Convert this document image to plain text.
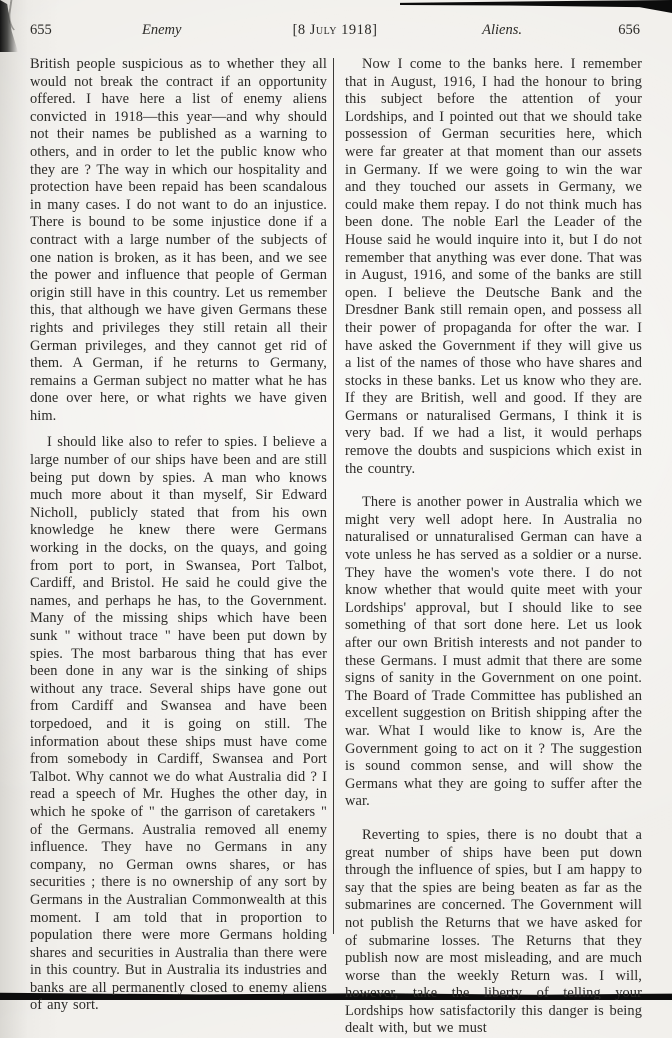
655	Enemy	[8 July 1918]	Aliens.	656

British people suspicious as to whether they all would not break the contract if an opportunity offered. I have here a list of enemy aliens convicted in 1918—this year—and why should not their names be published as a warning to others, and in order to let the public know who they are ? The way in which our hospitality and protection have been repaid has been scandalous in many cases. I do not want to do an injustice. There is bound to be some injustice done if a contract with a large number of the subjects of one nation is broken, as it has been, and we see the power and influence that people of German origin still have in this country. Let us remember this, that although we have given Germans these rights and privileges they still retain all their German privileges, and they cannot get rid of them. A German, if he returns to Germany, remains a German subject no matter what he has done over here, or what rights we have given him.

I should like also to refer to spies. I believe a large number of our ships have been and are still being put down by spies. A man who knows much more about it than myself, Sir Edward Nicholl, publicly stated that from his own knowledge he knew there were Germans working in the docks, on the quays, and going from port to port, in Swansea, Port Talbot, Cardiff, and Bristol. He said he could give the names, and perhaps he has, to the Government. Many of the missing ships which have been sunk " without trace " have been put down by spies. The most barbarous thing that has ever been done in any war is the sinking of ships without any trace. Several ships have gone out from Cardiff and Swansea and have been torpedoed, and it is going on still. The information about these ships must have come from somebody in Cardiff, Swansea and Port Talbot. Why cannot we do what Australia did ? I read a speech of Mr. Hughes the other day, in which he spoke of " the garrison of caretakers " of the Germans. Australia removed all enemy influence. They have no Germans in any company, no German owns shares, or has securities ; there is no ownership of any sort by Germans in the Australian Commonwealth at this moment. I am told that in proportion to population there were more Germans holding shares and securities in Australia than there were in this country. But in Australia its industries and banks are all permanently closed to enemy aliens of any sort.

Now I come to the banks here. I remember that in August, 1916, I had the honour to bring this subject before the attention of your Lordships, and I pointed out that we should take possession of German securities here, which were far greater at that moment than our assets in Germany. If we were going to win the war and they touched our assets in Germany, we could make them repay. I do not think much has been done. The noble Earl the Leader of the House said he would inquire into it, but I do not remember that anything was ever done. That was in August, 1916, and some of the banks are still open. I believe the Deutsche Bank and the Dresdner Bank still remain open, and possess all their power of propaganda for ofter the war. I have asked the Government if they will give us a list of the names of those who have shares and stocks in these banks. Let us know who they are. If they are British, well and good. If they are Germans or naturalised Germans, I think it is very bad. If we had a list, it would perhaps remove the doubts and suspicions which exist in the country.

There is another power in Australia which we might very well adopt here. In Australia no naturalised or unnaturalised German can have a vote unless he has served as a soldier or a nurse. They have the women's vote there. I do not know whether that would quite meet with your Lordships' approval, but I should like to see something of that sort done here. Let us look after our own British interests and not pander to these Germans. I must admit that there are some signs of sanity in the Government on one point. The Board of Trade Committee has published an excellent suggestion on British shipping after the war. What I would like to know is, Are the Government going to act on it ? The suggestion is sound common sense, and will show the Germans what they are going to suffer after the war.

Reverting to spies, there is no doubt that a great number of ships have been put down through the influence of spies, but I am happy to say that the spies are being beaten as far as the submarines are concerned. The Government will not publish the Returns that we have asked for of submarine losses. The Returns that they publish now are most misleading, and are much worse than the weekly Return was. I will, however, take the liberty of telling your Lordships how satisfactorily this danger is being dealt with, but we must
